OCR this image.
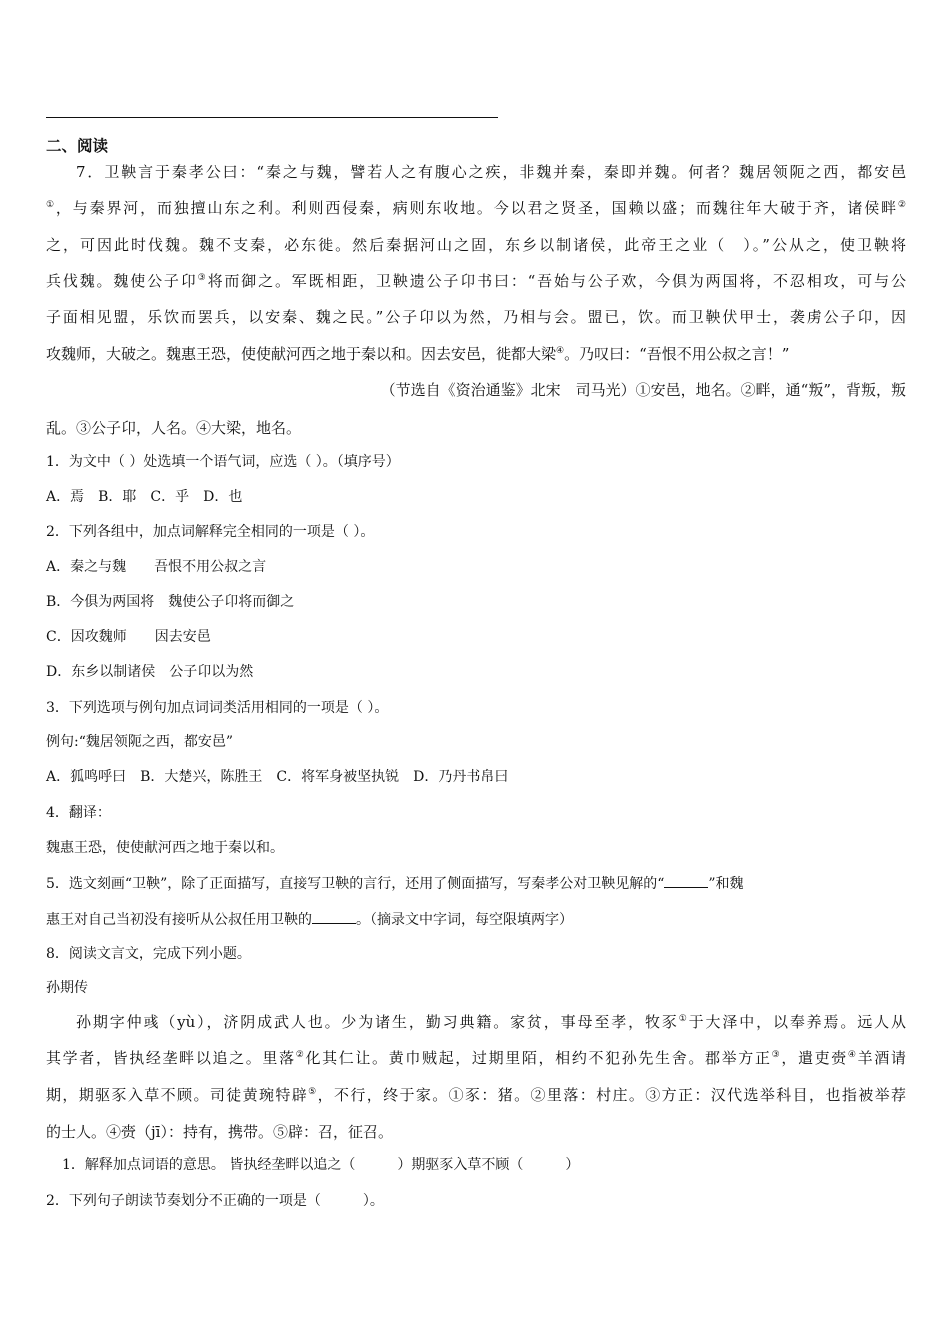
二、阅读
7．卫鞅言于秦孝公曰：“秦之与魏，譬若人之有腹心之疾，非魏并秦，秦即并魏。何者？魏居领阨之西，都安邑
①，与秦界河，而独擅山东之利。利则西侵秦，病则东收地。今以君之贤圣，国赖以盛；而魏往年大破于齐，诸侯畔②
之，可因此时伐魏。魏不支秦，必东徙。然后秦据河山之固，东乡以制诸侯，此帝王之业（　）。”公从之，使卫鞅将
兵伐魏。魏使公子卬③将而御之。军既相距，卫鞅遗公子卬书曰：“吾始与公子欢，今俱为两国将，不忍相攻，可与公
子面相见盟，乐饮而罢兵，以安秦、魏之民。”公子卬以为然，乃相与会。盟已，饮。而卫鞅伏甲士，袭虏公子卬，因
攻魏师，大破之。魏惠王恐，使使献河西之地于秦以和。因去安邑，徙都大梁④。乃叹曰：“吾恨不用公叔之言！”
（节选自《资治通鉴》北宋　司马光）①安邑，地名。②畔，通“叛”，背叛，叛
乱。③公子卬，人名。④大梁，地名。
1．为文中（ ）处选填一个语气词，应选（ ）。（填序号）
A．焉　B．耶　C．乎　D．也
2．下列各组中，加点词解释完全相同的一项是（ ）。
A．秦之与魏　　吾恨不用公叔之言
B．今俱为两国将　魏使公子卬将而御之
C．因攻魏师　　因去安邑
D．东乡以制诸侯　公子卬以为然
3．下列选项与例句加点词词类活用相同的一项是（ ）。
例句:“魏居领阨之西，都安邑”
A．狐鸣呼曰　B．大楚兴，陈胜王　C．将军身被坚执锐　D．乃丹书帛曰
4．翻译：
魏惠王恐，使使献河西之地于秦以和。
5．选文刻画“卫鞅”，除了正面描写，直接写卫鞅的言行，还用了侧面描写，写秦孝公对卫鞅见解的“	”和魏
惠王对自己当初没有接听从公叔任用卫鞅的	。（摘录文中字词，每空限填两字）
8．阅读文言文，完成下列小题。
孙期传
孙期字仲彧（yù），济阴成武人也。少为诸生，勤习典籍。家贫，事母至孝，牧豕①于大泽中，以奉养焉。远人从
其学者，皆执经垄畔以追之。里落②化其仁让。黄巾贼起，过期里陌，相约不犯孙先生舍。郡举方正③，遣吏赍④羊酒请
期，期驱豕入草不顾。司徒黄琬特辟⑤，不行，终于家。①豕：猪。②里落：村庄。③方正：汉代选举科目，也指被举荐
的士人。④赍（jī）：持有，携带。⑤辟：召，征召。
1．解释加点词语的意思。 皆执经垄畔以追之（　　　）期驱豕入草不顾（　　　）
2．下列句子朗读节奏划分不正确的一项是（　　　）。
